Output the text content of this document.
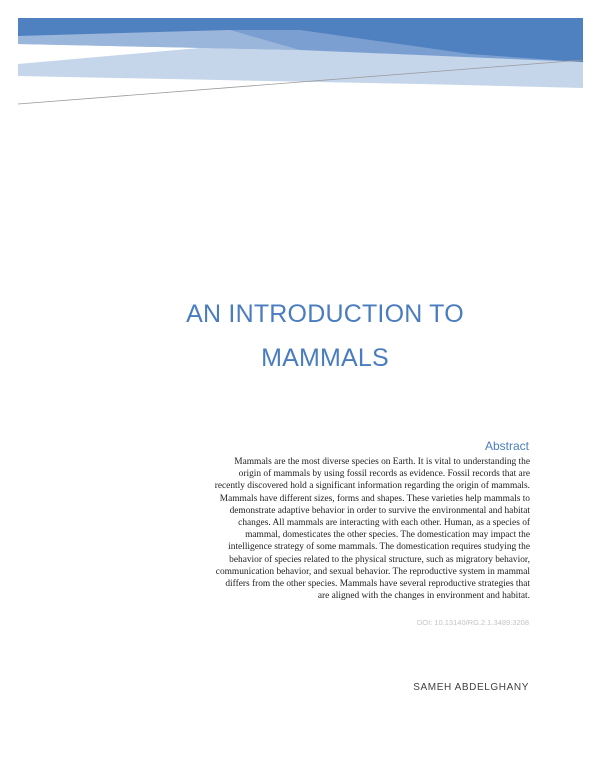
AN INTRODUCTION TO
MAMMALS
Abstract

Mammals are the most diverse species on Earth. It is vital to understanding the
origin of mammals by using fossil records as evidence. Fossil records that are
recently discovered hold a significant information regarding the origin of mammals.
Mammals have different sizes, forms and shapes. These varieties help mammals to
demonstrate adaptive behavior in order to survive the environmental and habitat
changes. All mammals are interacting with each other. Human, as a species of
mammal, domesticates the other species. The domestication may impact the
intelligence strategy of some mammals. The domestication requires studying the
behavior of species related to the physical structure, such as migratory behavior,
communication behavior, and sexual behavior. The reproductive system in mammal
differs from the other species. Mammals have several reproductive strategies that
are aligned with the changes in environment and habitat.

DOI: 10.13140/RG.2.1.3489.3208

SAMEH ABDELGHANY
